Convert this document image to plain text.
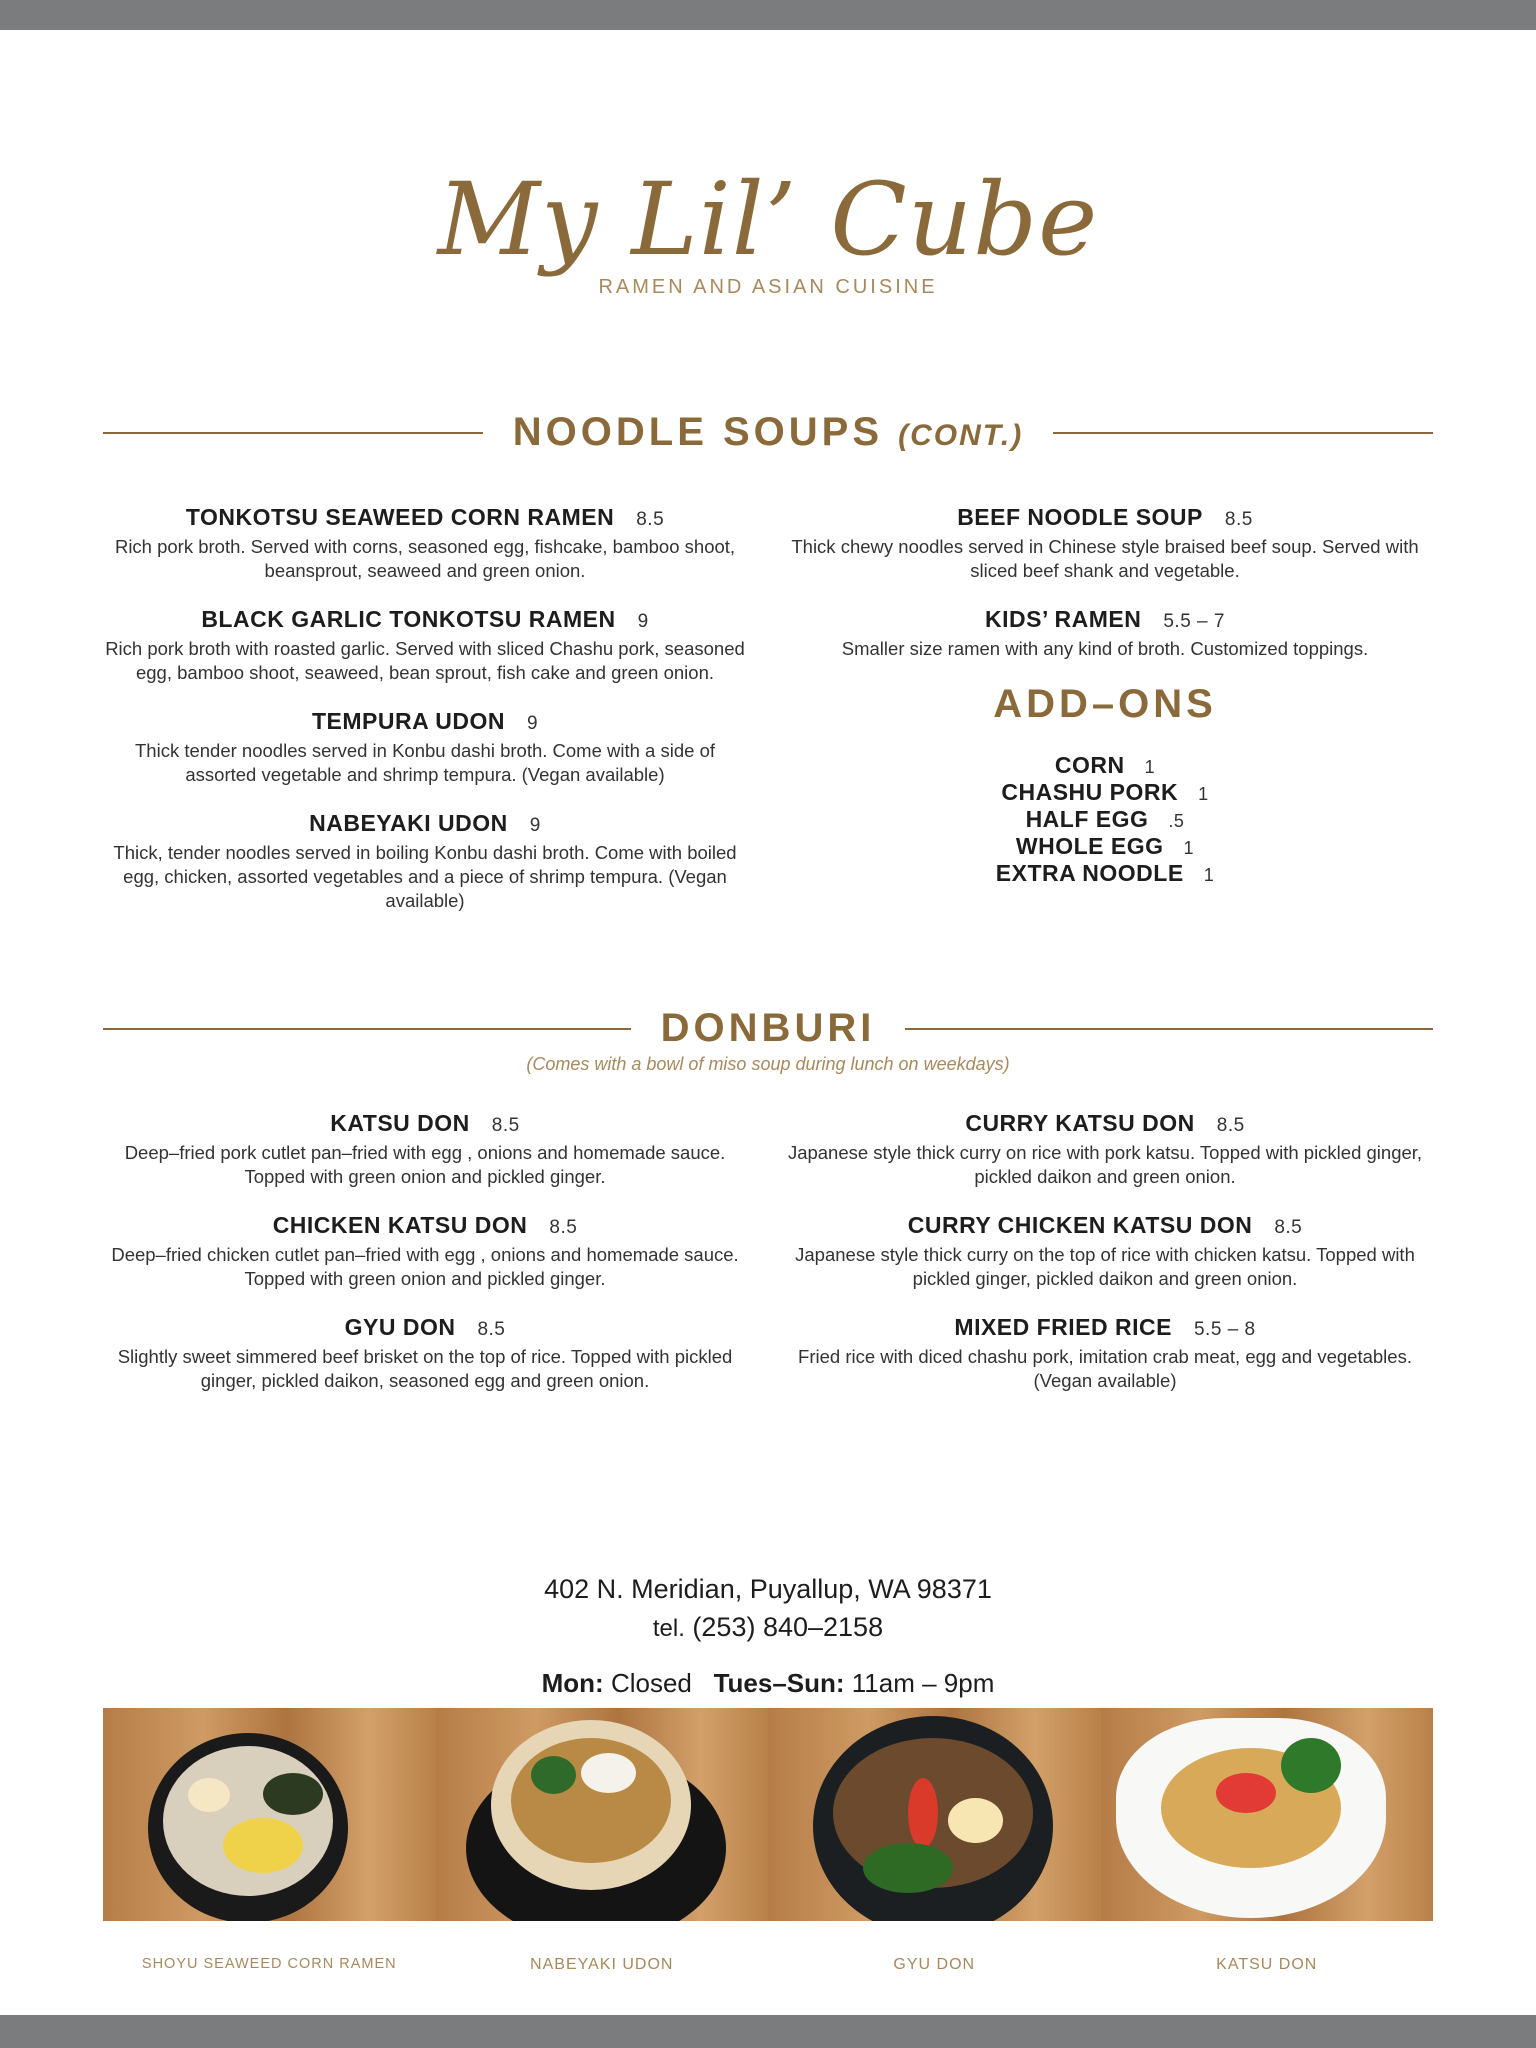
My Lil’ Cube
RAMEN AND ASIAN CUISINE
NOODLE SOUPS (CONT.)
TONKOTSU SEAWEED CORN RAMEN 8.5
Rich pork broth. Served with corns, seasoned egg, fishcake, bamboo shoot, beansprout, seaweed and green onion.
BLACK GARLIC TONKOTSU RAMEN 9
Rich pork broth with roasted garlic. Served with sliced Chashu pork, seasoned egg, bamboo shoot, seaweed, bean sprout, fish cake and green onion.
TEMPURA UDON 9
Thick tender noodles served in Konbu dashi broth. Come with a side of assorted vegetable and shrimp tempura. (Vegan available)
NABEYAKI UDON 9
Thick, tender noodles served in boiling Konbu dashi broth. Come with boiled egg, chicken, assorted vegetables and a piece of shrimp tempura. (Vegan available)
BEEF NOODLE SOUP 8.5
Thick chewy noodles served in Chinese style braised beef soup. Served with sliced beef shank and vegetable.
KIDS’ RAMEN 5.5 – 7
Smaller size ramen with any kind of broth. Customized toppings.
ADD–ONS
CORN 1
CHASHU PORK 1
HALF EGG .5
WHOLE EGG 1
EXTRA NOODLE 1
DONBURI
(Comes with a bowl of miso soup during lunch on weekdays)
KATSU DON 8.5
Deep–fried pork cutlet pan–fried with egg , onions and homemade sauce. Topped with green onion and pickled ginger.
CHICKEN KATSU DON 8.5
Deep–fried chicken cutlet pan–fried with egg , onions and homemade sauce. Topped with green onion and pickled ginger.
GYU DON 8.5
Slightly sweet simmered beef brisket on the top of rice. Topped with pickled ginger, pickled daikon, seasoned egg and green onion.
CURRY KATSU DON 8.5
Japanese style thick curry on rice with pork katsu. Topped with pickled ginger, pickled daikon and green onion.
CURRY CHICKEN KATSU DON 8.5
Japanese style thick curry on the top of rice with chicken katsu. Topped with pickled ginger, pickled daikon and green onion.
MIXED FRIED RICE 5.5 – 8
Fried rice with diced chashu pork, imitation crab meat, egg and vegetables. (Vegan available)
402 N. Meridian, Puyallup, WA 98371
tel. (253) 840–2158
Mon: Closed Tues–Sun: 11am – 9pm
SHOYU SEAWEED CORN RAMEN	NABEYAKI UDON	GYU DON	KATSU DON
